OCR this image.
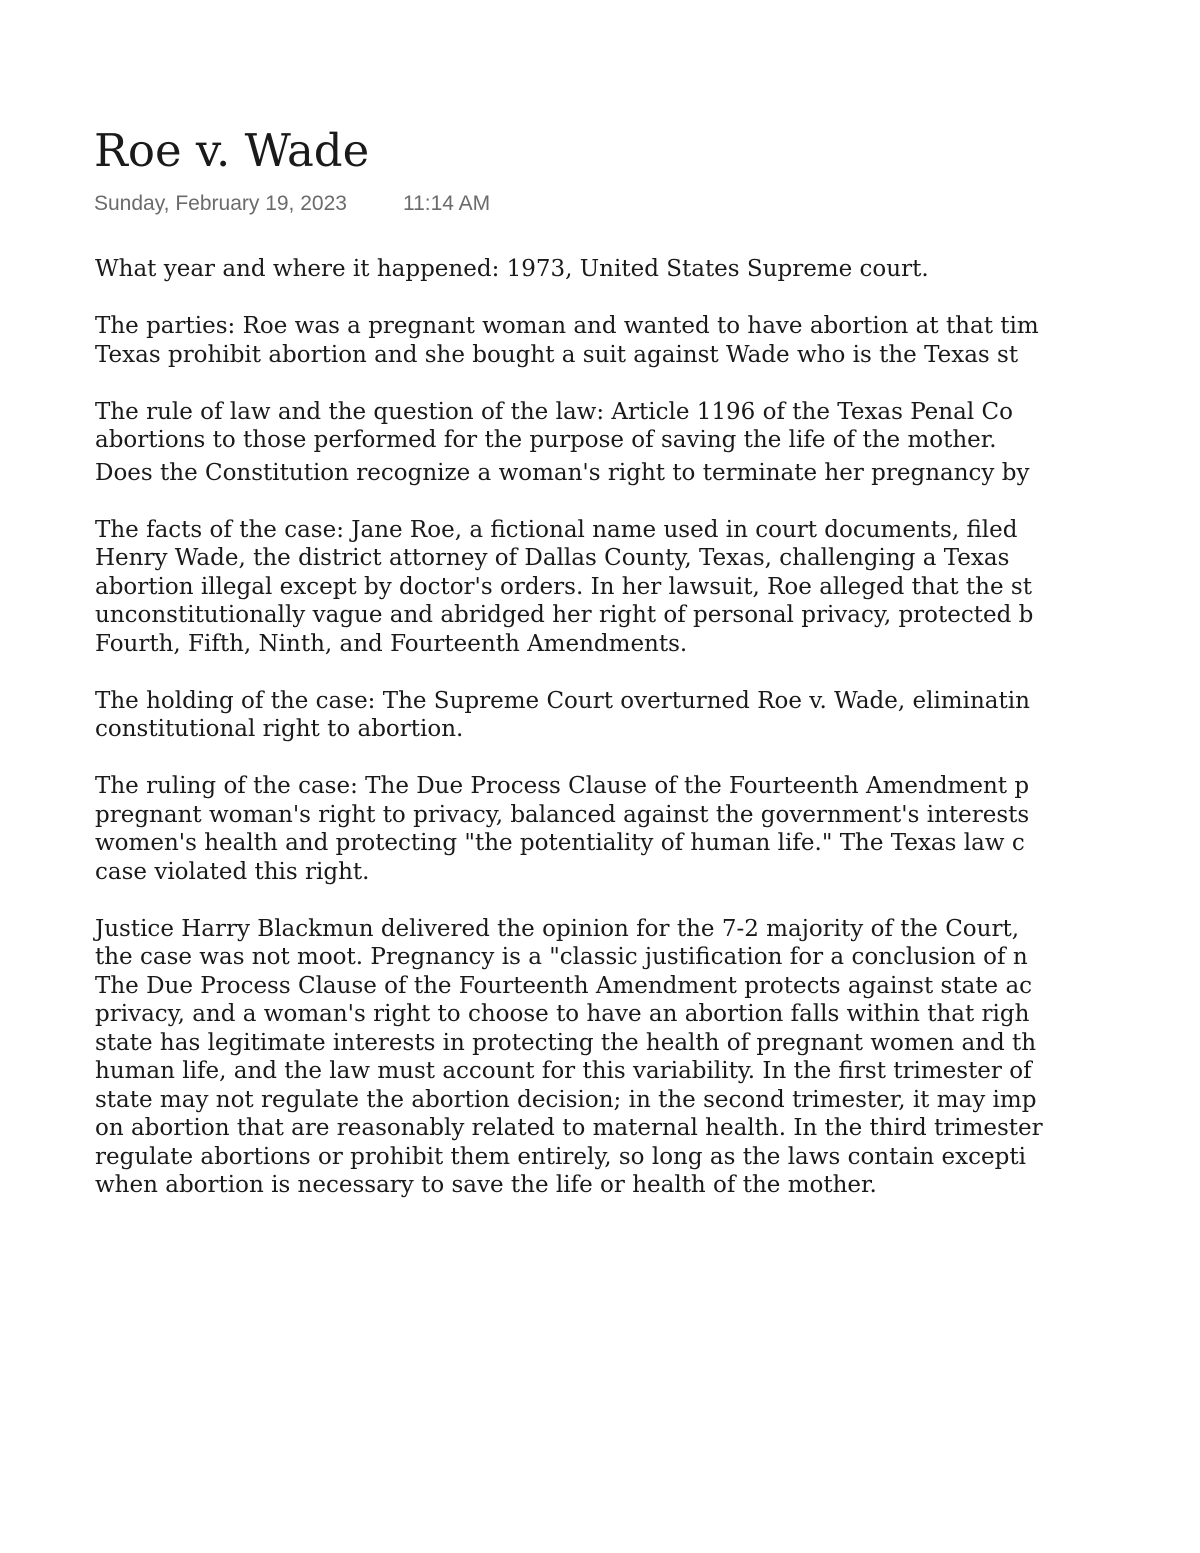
Roe v. Wade
Sunday, February 19, 2023	11:14 AM
What year and where it happened: 1973, United States Supreme court.
The parties: Roe was a pregnant woman and wanted to have abortion at that tim
Texas prohibit abortion and she bought a suit against Wade who is the Texas st
The rule of law and the question of the law: Article 1196 of the Texas Penal Co
abortions to those performed for the purpose of saving the life of the mother.
Does the Constitution recognize a woman's right to terminate her pregnancy by
The facts of the case: Jane Roe, a fictional name used in court documents, filed
Henry Wade, the district attorney of Dallas County, Texas, challenging a Texas
abortion illegal except by doctor's orders. In her lawsuit, Roe alleged that the st
unconstitutionally vague and abridged her right of personal privacy, protected b
Fourth, Fifth, Ninth, and Fourteenth Amendments.
The holding of the case: The Supreme Court overturned Roe v. Wade, eliminatin
constitutional right to abortion.
The ruling of the case: The Due Process Clause of the Fourteenth Amendment p
pregnant woman's right to privacy, balanced against the government's interests
women's health and protecting "the potentiality of human life." The Texas law c
case violated this right.
Justice Harry Blackmun delivered the opinion for the 7-2 majority of the Court,
the case was not moot. Pregnancy is a "classic justification for a conclusion of n
The Due Process Clause of the Fourteenth Amendment protects against state ac
privacy, and a woman's right to choose to have an abortion falls within that righ
state has legitimate interests in protecting the health of pregnant women and th
human life, and the law must account for this variability. In the first trimester of
state may not regulate the abortion decision; in the second trimester, it may imp
on abortion that are reasonably related to maternal health. In the third trimester
regulate abortions or prohibit them entirely, so long as the laws contain excepti
when abortion is necessary to save the life or health of the mother.
